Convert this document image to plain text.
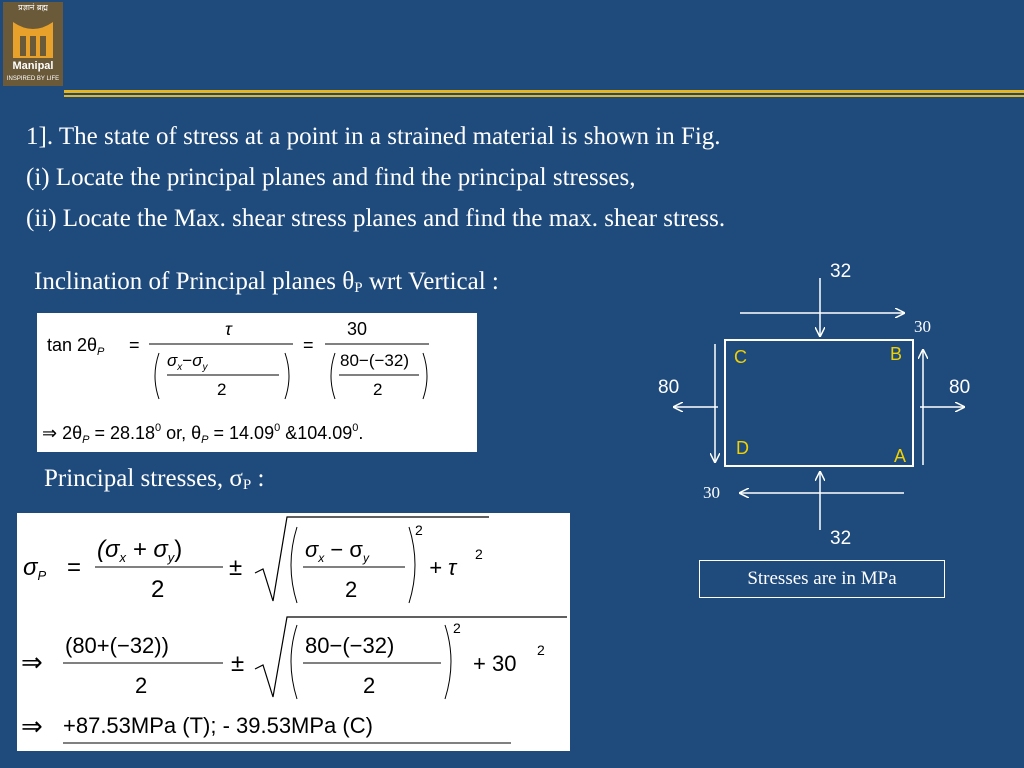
प्रज्ञानं ब्रह्म
Manipal
INSPIRED BY LIFE
1]. The state of stress at a point in a strained material is shown in Fig.
(i) Locate the principal planes and find the principal stresses,
(ii) Locate the Max. shear stress planes and find the max. shear stress.
Inclination of Principal planes $\theta_P$ wrt Vertical :
$\tan 2\theta_P$ =
τ
$\sigma_x-\sigma_y$
2
=
30
80−(−32)
2
⇒ $2\theta_P = 28.18^0$ or, $\theta_P = 14.09^0$ &104.09$^0$.
Principal stresses, $\sigma_P$ :
$\sigma_P$ =
$(\sigma_x + \sigma_y)$
2
±
$\sigma_x - \sigma_y$
2
2
+ τ
2
⇒
(80+(−32))
2
±
80−(−32)
2
2
+ 30
2
⇒ +87.53MPa (T); - 39.53MPa (C)
32
32
80	80
30
30
C	B
D	A
Stresses are in MPa
